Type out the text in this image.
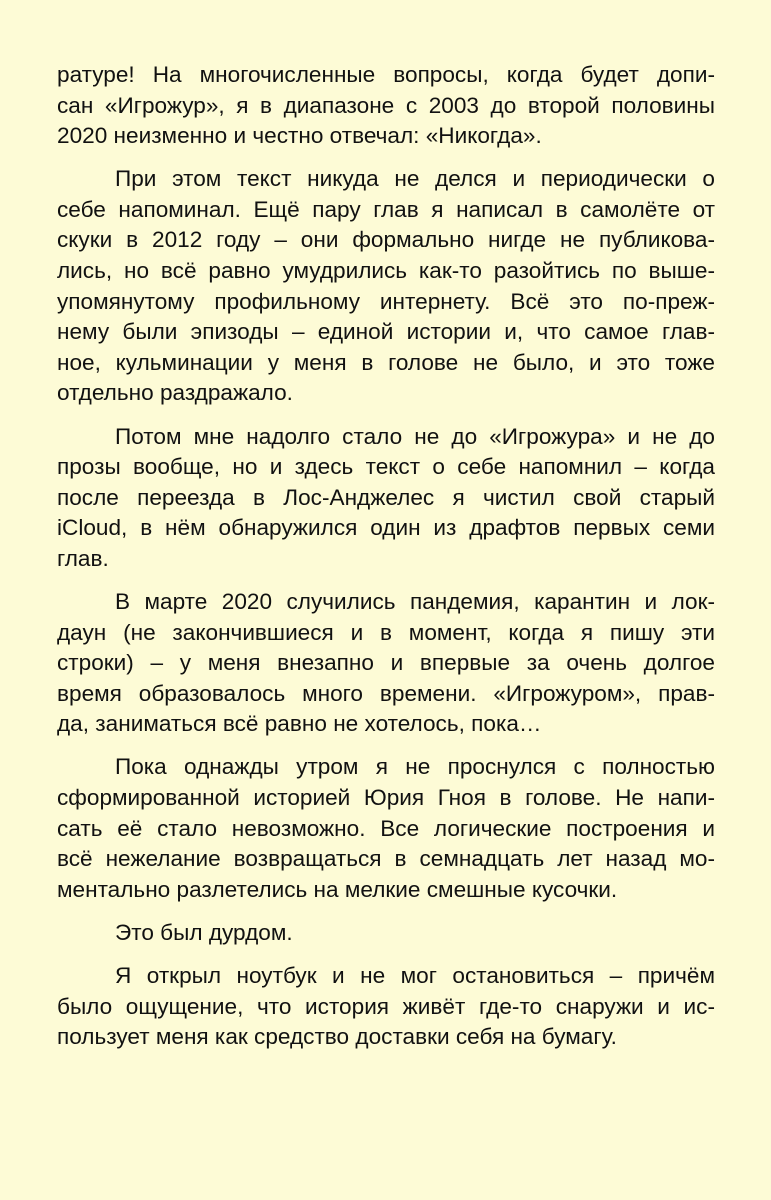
ратуре! На многочисленные вопросы, когда будет допи-
сан «Игрожур», я в диапазоне с 2003 до второй половины
2020 неизменно и честно отвечал: «Никогда».
При этом текст никуда не делся и периодически о
себе напоминал. Ещё пару глав я написал в самолёте от
скуки в 2012 году – они формально нигде не публикова-
лись, но всё равно умудрились как-то разойтись по выше-
упомянутому профильному интернету. Всё это по-преж-
нему были эпизоды – единой истории и, что самое глав-
ное, кульминации у меня в голове не было, и это тоже
отдельно раздражало.
Потом мне надолго стало не до «Игрожура» и не до
прозы вообще, но и здесь текст о себе напомнил – когда
после переезда в Лос-Анджелес я чистил свой старый
iCloud, в нём обнаружился один из драфтов первых семи
глав.
В марте 2020 случились пандемия, карантин и лок-
даун (не закончившиеся и в момент, когда я пишу эти
строки) – у меня внезапно и впервые за очень долгое
время образовалось много времени. «Игрожуром», прав-
да, заниматься всё равно не хотелось, пока…
Пока однажды утром я не проснулся с полностью
сформированной историей Юрия Гноя в голове. Не напи-
сать её стало невозможно. Все логические построения и
всё нежелание возвращаться в семнадцать лет назад мо-
ментально разлетелись на мелкие смешные кусочки.
Это был дурдом.
Я открыл ноутбук и не мог остановиться – причём
было ощущение, что история живёт где-то снаружи и ис-
пользует меня как средство доставки себя на бумагу.
